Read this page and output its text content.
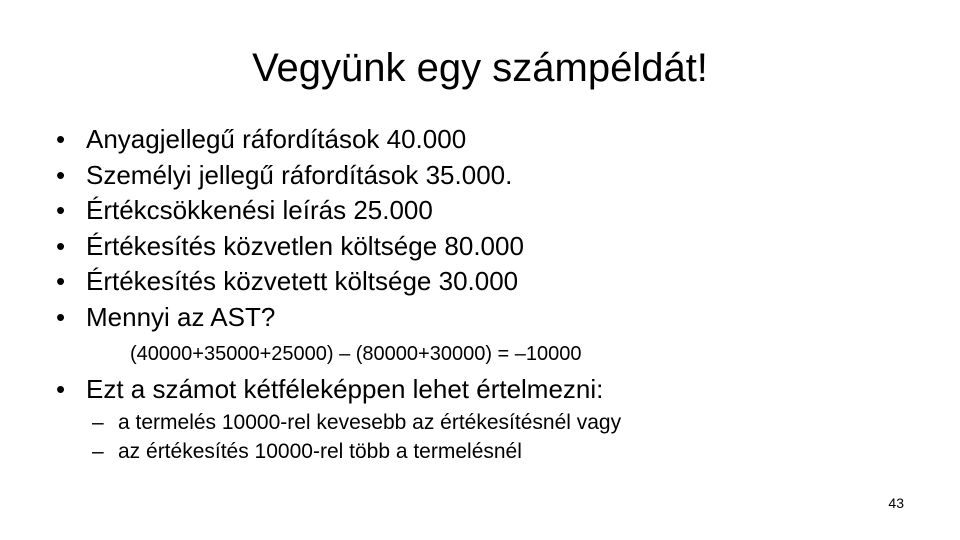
Vegyünk egy számpéldát!
• Anyagjellegű ráfordítások 40.000
• Személyi jellegű ráfordítások 35.000.
• Értékcsökkenési leírás 25.000
• Értékesítés közvetlen költsége 80.000
• Értékesítés közvetett költsége 30.000
• Mennyi az AST?
(40000+35000+25000) – (80000+30000) = –10000
• Ezt a számot kétféleképpen lehet értelmezni:
– a termelés 10000-rel kevesebb az értékesítésnél vagy
– az értékesítés 10000-rel több a termelésnél
43
